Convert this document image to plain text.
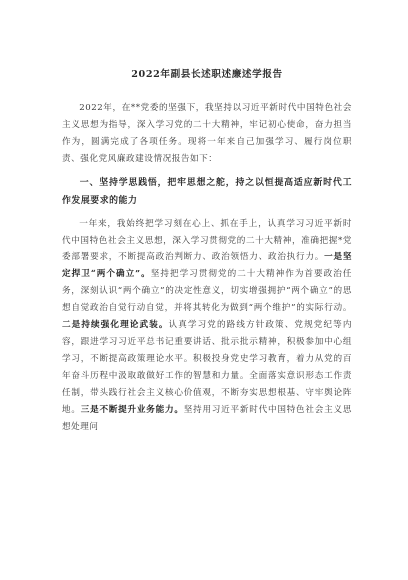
2022年副县长述职述廉述学报告

2022年，在**党委的坚强下，我坚持以习近平新时代中国特色社会主义思想为指导，深入学习党的二十大精神，牢记初心使命，奋力担当作为，圆满完成了各项任务。现将一年来自己加强学习、履行岗位职责、强化党风廉政建设情况报告如下：

一、坚持学思践悟，把牢思想之舵，持之以恒提高适应新时代工作发展要求的能力

一年来，我始终把学习刻在心上、抓在手上，认真学习习近平新时代中国特色社会主义思想，深入学习贯彻党的二十大精神，准确把握*党委部署要求，不断提高政治判断力、政治领悟力、政治执行力。一是坚定捍卫“两个确立”。坚持把学习贯彻党的二十大精神作为首要政治任务，深刻认识“两个确立”的决定性意义，切实增强拥护“两个确立”的思想自觉政治自觉行动自觉，并将其转化为做到“两个维护”的实际行动。二是持续强化理论武装。认真学习党的路线方针政策、党规党纪等内容，跟进学习习近平总书记重要讲话、批示批示精神，积极参加中心组学习，不断提高政策理论水平。积极投身党史学习教育，着力从党的百年奋斗历程中汲取敢做好工作的智慧和力量。全面落实意识形态工作责任制，带头践行社会主义核心价值观，不断夯实思想根基、守牢舆论阵地。三是不断提升业务能力。坚持用习近平新时代中国特色社会主义思想处理问
